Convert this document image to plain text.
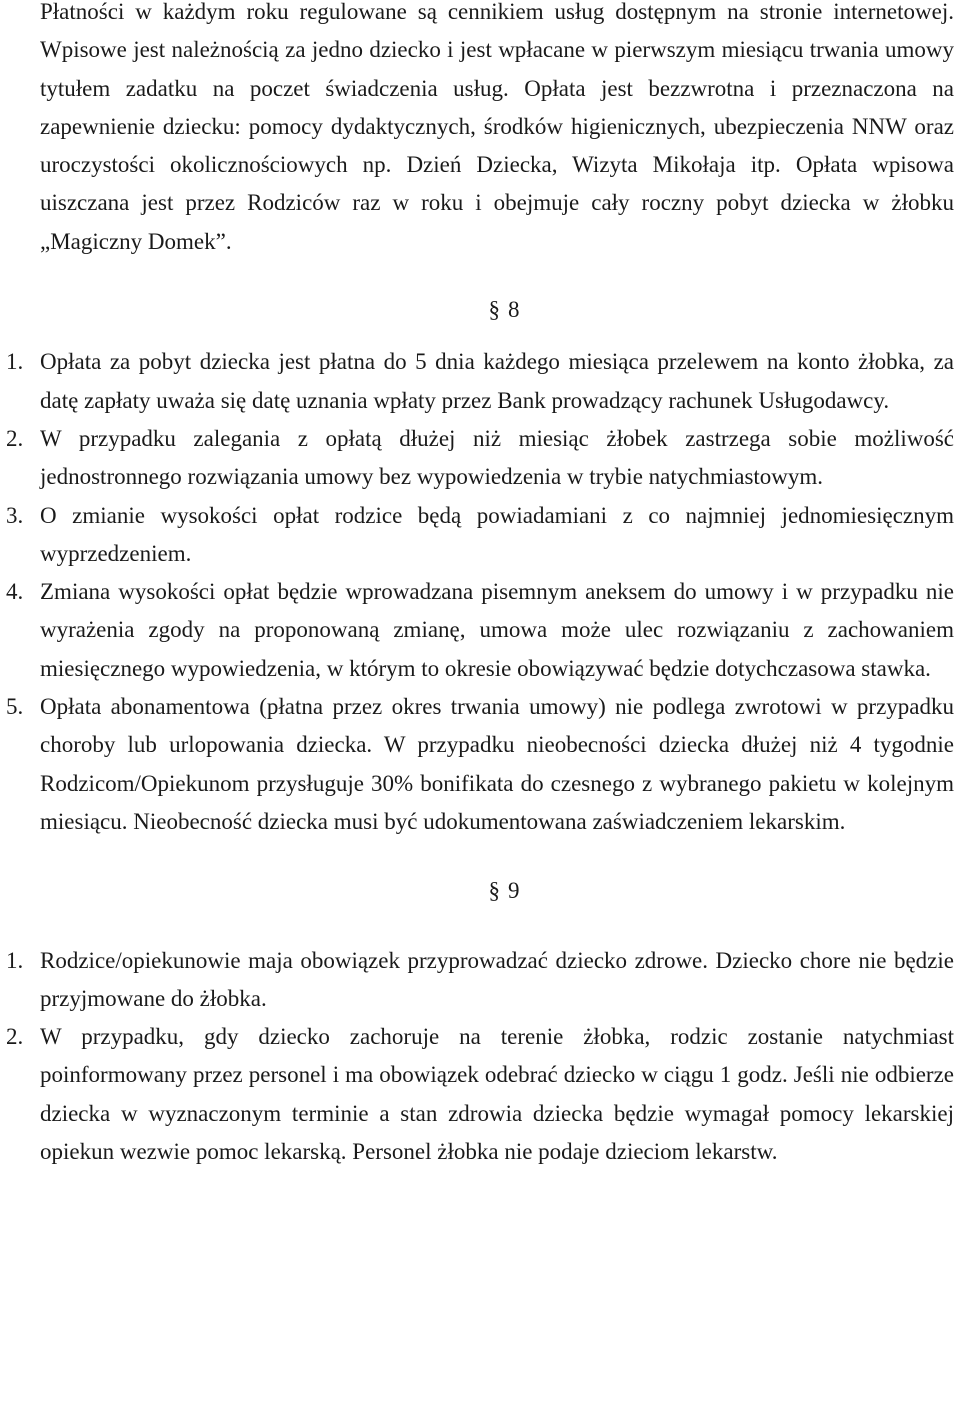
Płatności w każdym roku regulowane są cennikiem usług dostępnym na stronie internetowej. Wpisowe jest należnością za jedno dziecko i jest wpłacane w pierwszym miesiącu trwania umowy tytułem zadatku na poczet świadczenia usług. Opłata jest bezzwrotna i przeznaczona na zapewnienie dziecku: pomocy dydaktycznych, środków higienicznych, ubezpieczenia NNW oraz uroczystości okolicznościowych np. Dzień Dziecka, Wizyta Mikołaja itp. Opłata wpisowa uiszczana jest przez Rodziców raz w roku i obejmuje cały roczny pobyt dziecka w żłobku „Magiczny Domek”.

§ 8
1. Opłata za pobyt dziecka jest płatna do 5 dnia każdego miesiąca przelewem na konto żłobka, za datę zapłaty uważa się datę uznania wpłaty przez Bank prowadzący rachunek Usługodawcy.
2. W przypadku zalegania z opłatą dłużej niż miesiąc żłobek zastrzega sobie możliwość jednostronnego rozwiązania umowy bez wypowiedzenia w trybie natychmiastowym.
3. O zmianie wysokości opłat rodzice będą powiadamiani z co najmniej jednomiesięcznym wyprzedzeniem.
4. Zmiana wysokości opłat będzie wprowadzana pisemnym aneksem do umowy i w przypadku nie wyrażenia zgody na proponowaną zmianę, umowa może ulec rozwiązaniu z zachowaniem miesięcznego wypowiedzenia, w którym to okresie obowiązywać będzie dotychczasowa stawka.
5. Opłata abonamentowa (płatna przez okres trwania umowy) nie podlega zwrotowi w przypadku choroby lub urlopowania dziecka. W przypadku nieobecności dziecka dłużej niż 4 tygodnie Rodzicom/Opiekunom przysługuje 30% bonifikata do czesnego z wybranego pakietu w kolejnym miesiącu. Nieobecność dziecka musi być udokumentowana zaświadczeniem lekarskim.
§ 9
1. Rodzice/opiekunowie maja obowiązek przyprowadzać dziecko zdrowe. Dziecko chore nie będzie przyjmowane do żłobka.
2. W przypadku, gdy dziecko zachoruje na terenie żłobka, rodzic zostanie natychmiast poinformowany przez personel i ma obowiązek odebrać dziecko w ciągu 1 godz. Jeśli nie odbierze dziecka w wyznaczonym terminie a stan zdrowia dziecka będzie wymagał pomocy lekarskiej opiekun wezwie pomoc lekarską. Personel żłobka nie podaje dzieciom lekarstw.
